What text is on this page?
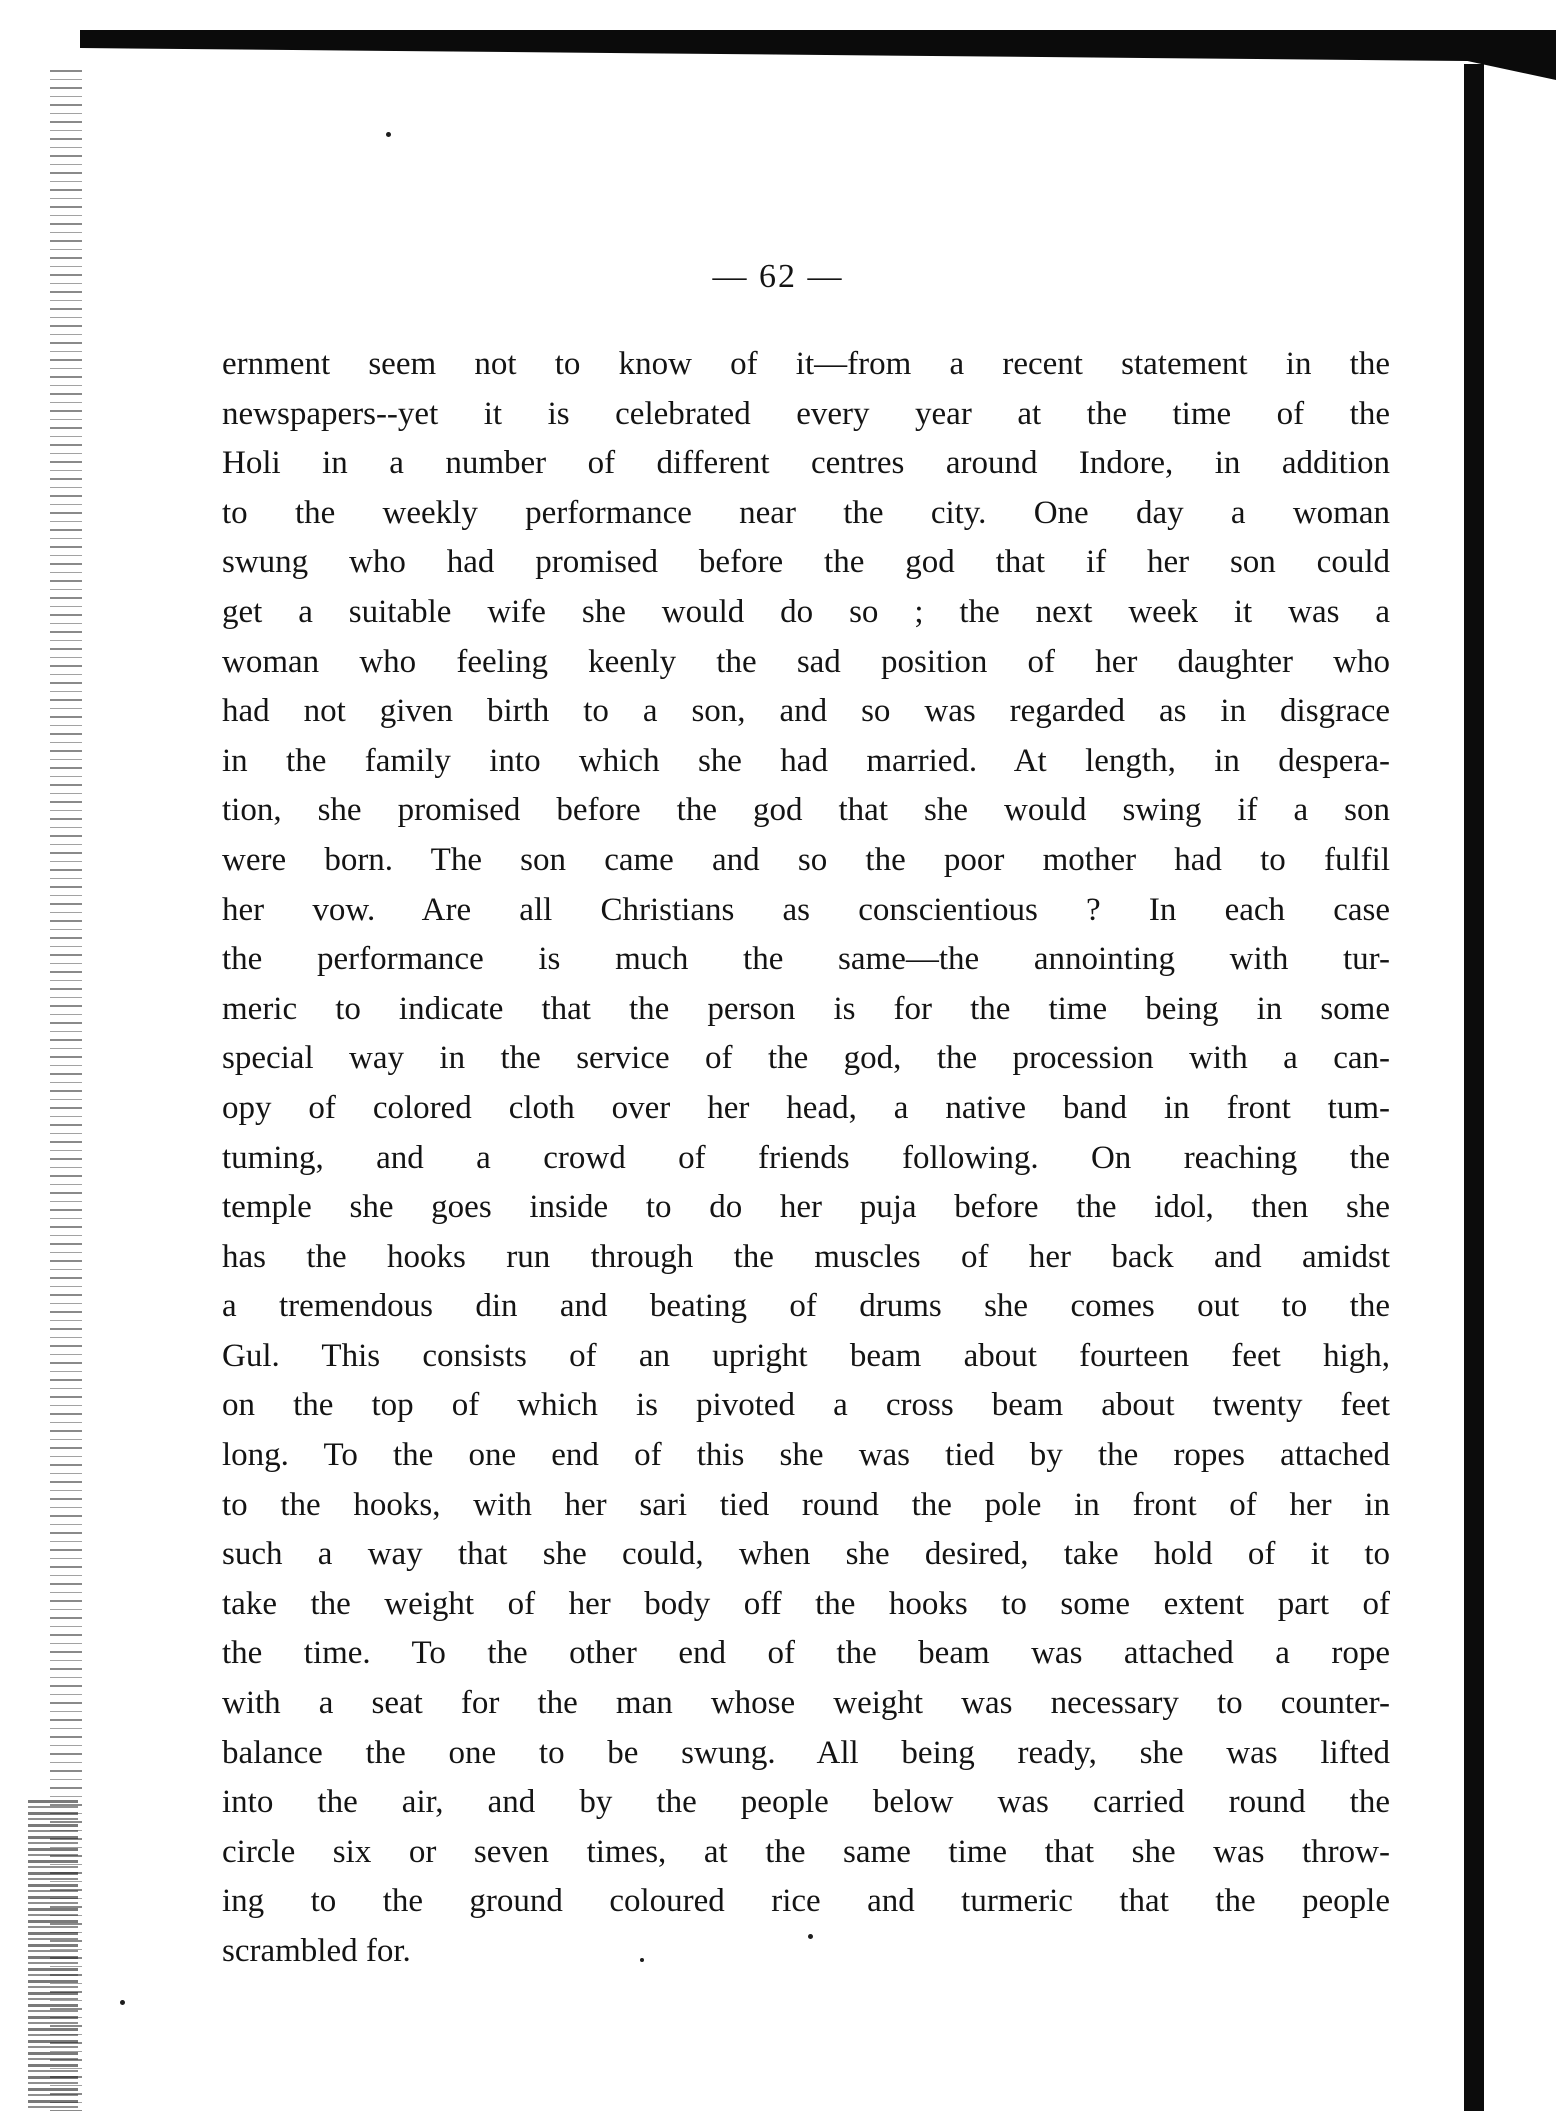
— 62 —
ernment seem not to know of it—from a recent statement in the
newspapers--yet it is celebrated every year at the time of the
Holi in a number of different centres around Indore, in addition
to the weekly performance near the city. One day a woman
swung who had promised before the god that if her son could
get a suitable wife she would do so ; the next week it was a
woman who feeling keenly the sad position of her daughter who
had not given birth to a son, and so was regarded as in disgrace
in the family into which she had married. At length, in despera-
tion, she promised before the god that she would swing if a son
were born. The son came and so the poor mother had to fulfil
her vow. Are all Christians as conscientious ? In each case
the performance is much the same—the annointing with tur-
meric to indicate that the person is for the time being in some
special way in the service of the god, the procession with a can-
opy of colored cloth over her head, a native band in front tum-
tuming, and a crowd of friends following. On reaching the
temple she goes inside to do her puja before the idol, then she
has the hooks run through the muscles of her back and amidst
a tremendous din and beating of drums she comes out to the
Gul. This consists of an upright beam about fourteen feet high,
on the top of which is pivoted a cross beam about twenty feet
long. To the one end of this she was tied by the ropes attached
to the hooks, with her sari tied round the pole in front of her in
such a way that she could, when she desired, take hold of it to
take the weight of her body off the hooks to some extent part of
the time. To the other end of the beam was attached a rope
with a seat for the man whose weight was necessary to counter-
balance the one to be swung. All being ready, she was lifted
into the air, and by the people below was carried round the
circle six or seven times, at the same time that she was throw-
ing to the ground coloured rice and turmeric that the people
scrambled for.
